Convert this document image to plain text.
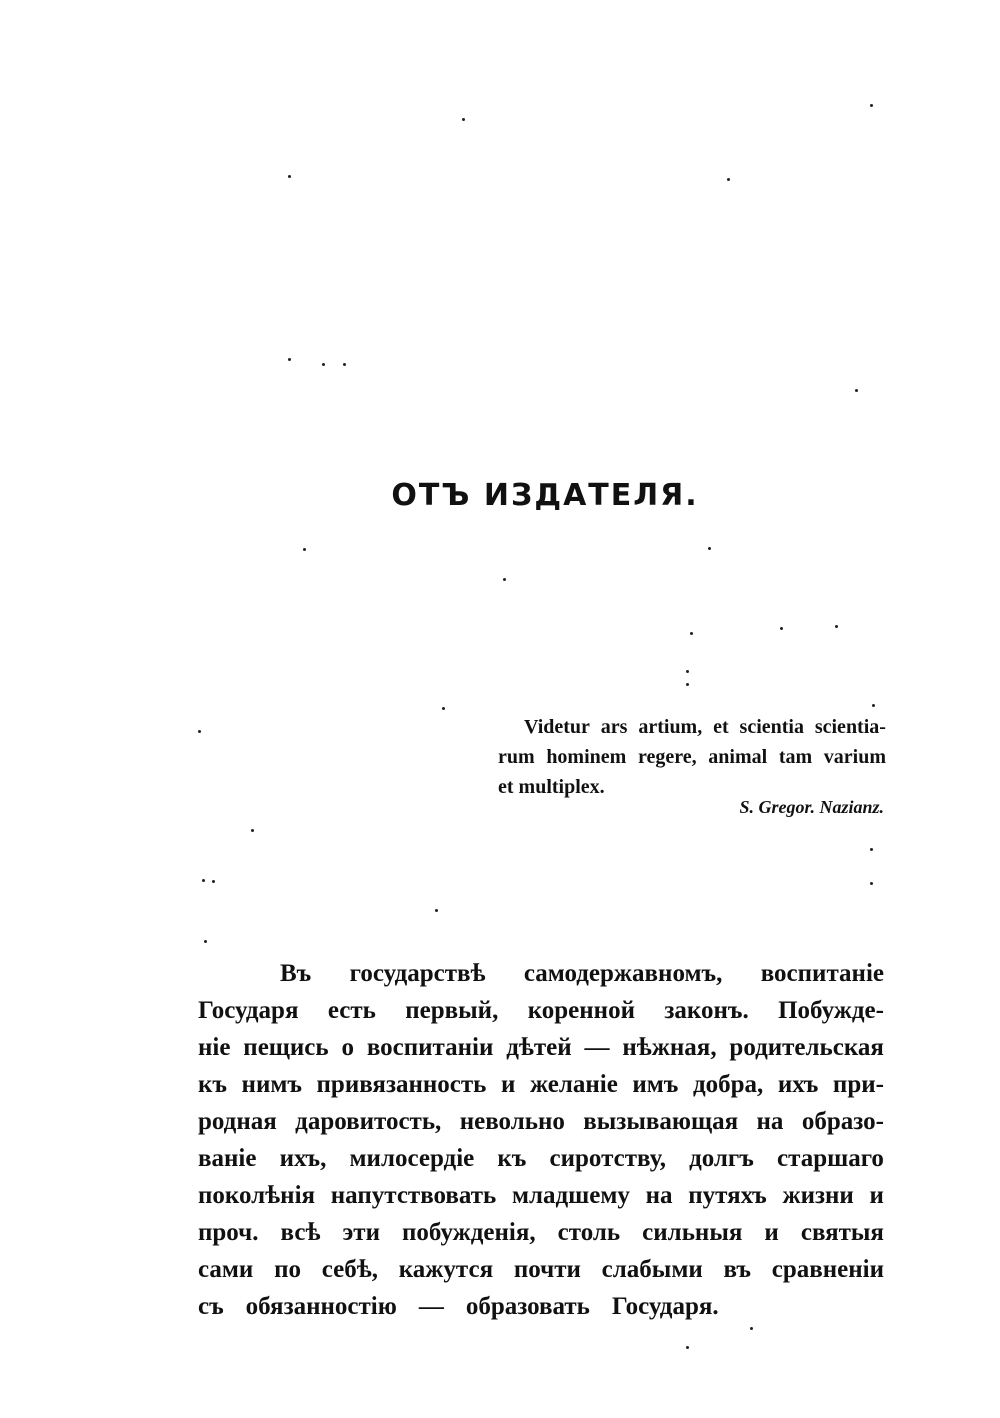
ОТЪ ИЗДАТЕЛЯ.
Videtur ars artium, et scientia scientia-
rum hominem regere, animal tam varium
et multiplex.
S. Gregor. Nazianz.
Въ государствѣ самодержавномъ, воспитаніе
Государя есть первый, коренной законъ. Побужде-
ніе пещись о воспитаніи дѣтей — нѣжная, родительская
къ нимъ привязанность и желаніе имъ добра, ихъ при-
родная даровитость, невольно вызывающая на образо-
ваніе ихъ, милосердіе къ сиротству, долгъ старшаго
поколѣнія напутствовать младшему на путяхъ жизни и
проч. всѣ эти побужденія, столь сильныя и святыя
сами по себѣ, кажутся почти слабыми въ сравненіи
съ обязанностію — образовать Государя.
